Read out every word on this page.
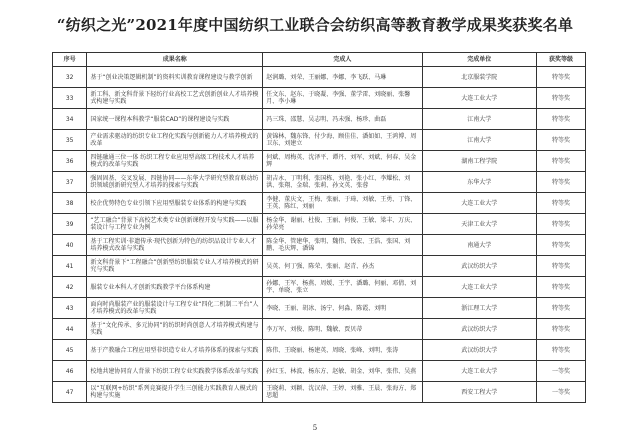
“纺织之光”2021年度中国纺织工业联合会纺织高等教育教学成果奖获奖名单
序号	成果名称	完成人	完成单位	获奖等级
32	基于“创业决策逻辑机制”的资料实训教育课程建设与教学创新	赵润璐、刘荣、王丽娜、李娜、李飞跃、马琳	北京服装学院	特等奖
33	新工科、新文科背景下轻纺行业高校工艺式创新创业人才培养模式构建与实践	任文东、赵东、于晓凝、李强、董学雷、刘晓丽、张馨月、李小琳	大连工业大学	特等奖
34	国家统一课程本科教学“服装CAD”的课程建设与实践	冯三珠、邵慧、吴志明、冯未强、杨珍、曲磊	江南大学	特等奖
35	产业需求驱动的纺织专业工程化实践与创新能力人才培养模式的改革	黄锦林、魏东锋、付少海、顾佳佳、潘如如、王鸿博、周卫东、刘建立	江南大学	特等奖
36	四链融通三位一体 纺织工程专业应用型高级工程技术人才培养模式的改革与实践	何斌、周梅英、沈泽平、谭丹、刘军、刘斌、何春、吴金辉	湖南工程学院	特等奖
37	强固固基、交叉发展、四链协同——东华大学研究型教育联动纺织领域创新研究型人才培养的探索与实践	胡吉永、丁明利、张国栋、刘艳、张小红、李耀松、刘洪、张翔、金瑞、张莉、孙文英、张蓉	东华大学	特等奖
38	校企优势特色专业引领下应用型服装专业体系的构建与实践	李健、董庆文、王梅、张丽、于琦、刘敏、王勇、丁锋、王英、陈红、刘丽	大连工业大学	特等奖
39	“艺工融合”背景下高校艺术类专业创新课程开发与实践——以服装设计与工程专业为例	杨金华、谢丽、杜俊、王丽、何俊、王敏、梁丰、万庆、孙荣亮	天津工业大学	特等奖
40	基于工程实训·非遗传承·现代创新为特色的纺织品设计专业人才培养模式改革与实践	陈金华、管建华、张明、魏伟、钱宏、王浩、张国、刘鹏、毛庆辉、潘锦	南通大学	特等奖
41	新文科背景下“工程融合”创新型纺织服装专业人才培养模式的研究与实践	吴英、何丁强、陈荣、张丽、赵青、孙杰	武汉纺织大学	特等奖
42	服装专业本科人才创新实践教学平台体系构建	孙娜、王军、杨燕、周嫒、王宇、潘璐、何丽、邓倩、刘宇、单晓、张立	大连工业大学	特等奖
43	面向时尚服装产业的服装设计与工程专业“四化二机制二平台”人才培养模式的改革与实践	李晓、王丽、胡冰、汤宁、何淼、陈霞、刘明	浙江理工大学	特等奖
44	基于“文化传承、多元协同”的纺织时尚创意人才培养模式构建与实践	李万军、刘俊、陈明、魏敏、贾贝蒂	武汉纺织大学	特等奖
45	基于产教融合工程应用型非织造专业人才培养体系的探索与实践	陈伟、王晓丽、杨建英、周晓、张峰、刘明、张涛	武汉纺织大学	特等奖
46	校地共建协同育人背景下纺织工程专业实践教学体系改革与实践	孙红玉、林波、杨东方、赵敏、胡金、刘华、张伟、吴燕	大连工业大学	一等奖
47	以“互联网+纺织”系列竞赛提升学生三创能力实践教育人模式的构建与实施	王晓莉、刘颖、沈汉萍、王婷、刘雅、王晨、张海方、郑思超	西安工程大学	一等奖
5
